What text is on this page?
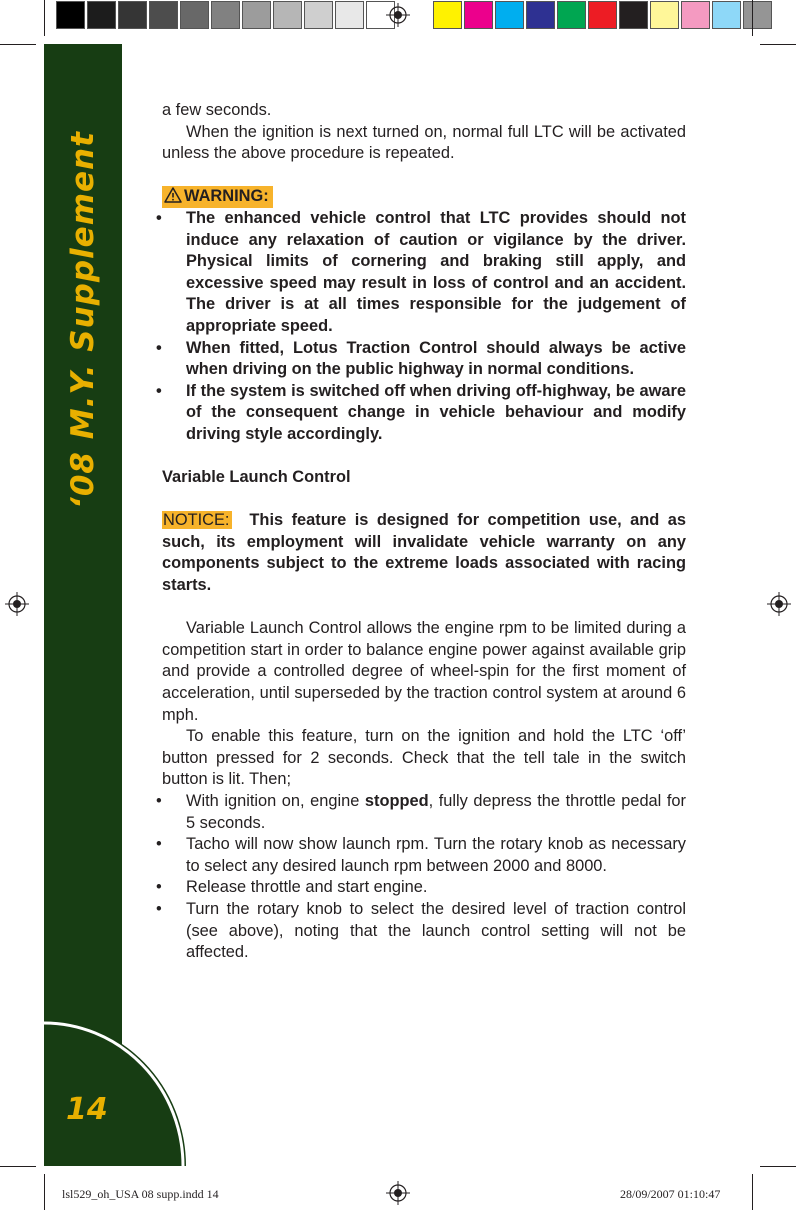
‘08 M.Y. Supplement
14

a few seconds.

When the ignition is next turned on, normal full LTC will be activated unless the above procedure is repeated.

WARNING:
• The enhanced vehicle control that LTC provides should not induce any relaxation of caution or vigilance by the driver. Physical limits of cornering and braking still apply, and excessive speed may result in loss of control and an accident. The driver is at all times responsible for the judgement of appropriate speed.
• When fitted, Lotus Traction Control should always be active when driving on the public highway in normal conditions.
• If the system is switched off when driving off-highway, be aware of the consequent change in vehicle behaviour and modify driving style accordingly.
Variable Launch Control

NOTICE: This feature is designed for competition use, and as such, its employment will invalidate vehicle warranty on any components subject to the extreme loads associated with racing starts.

Variable Launch Control allows the engine rpm to be limited during a competition start in order to balance engine power against available grip and provide a controlled degree of wheel-spin for the first moment of acceleration, until superseded by the traction control system at around 6 mph.

To enable this feature, turn on the ignition and hold the LTC ‘off’ button pressed for 2 seconds. Check that the tell tale in the switch button is lit. Then;

• With ignition on, engine stopped, fully depress the throttle pedal for 5 seconds.
• Tacho will now show launch rpm. Turn the rotary knob as necessary to select any desired launch rpm between 2000 and 8000.
• Release throttle and start engine.
• Turn the rotary knob to select the desired level of traction control (see above), noting that the launch control setting will not be affected.
lsl529_oh_USA 08 supp.indd 14	28/09/2007 01:10:47
